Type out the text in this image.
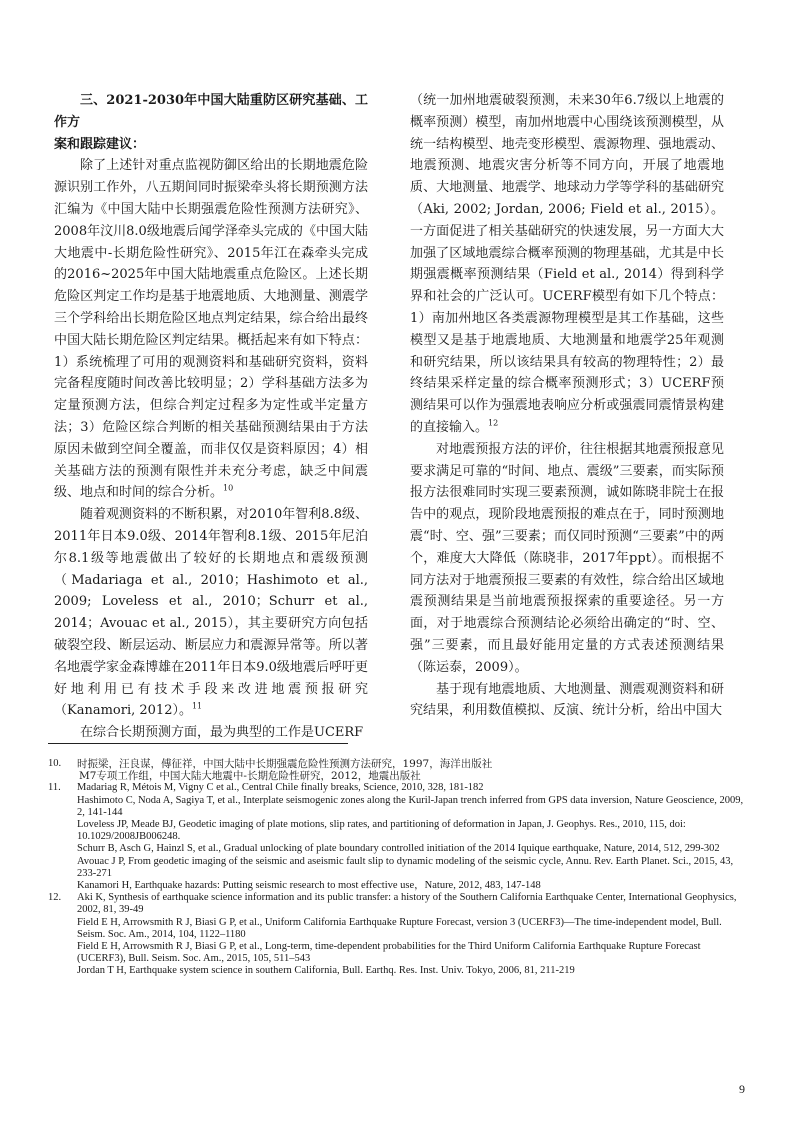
三、2021-2030年中国大陆重防区研究基础、工作方
案和跟踪建议：

除了上述针对重点监视防御区给出的长期地震危险源识别工作外，八五期间同时振梁牵头将长期预测方法汇编为《中国大陆中长期强震危险性预测方法研究》、2008年汶川8.0级地震后闻学泽牵头完成的《中国大陆大地震中-长期危险性研究》、2015年江在森牵头完成的2016~2025年中国大陆地震重点危险区。上述长期危险区判定工作均是基于地震地质、大地测量、测震学三个学科给出长期危险区地点判定结果，综合给出最终中国大陆长期危险区判定结果。概括起来有如下特点：1）系统梳理了可用的观测资料和基础研究资料，资料完备程度随时间改善比较明显；2）学科基础方法多为定量预测方法，但综合判定过程多为定性或半定量方法；3）危险区综合判断的相关基础预测结果由于方法原因未做到空间全覆盖，而非仅仅是资料原因；4）相关基础方法的预测有限性并未充分考虑，缺乏中间震级、地点和时间的综合分析。$^{10}$

随着观测资料的不断积累，对2010年智利8.8级、2011年日本9.0级、2014年智利8.1级、2015年尼泊尔8.1级等地震做出了较好的长期地点和震级预测（Madariaga et al., 2010；Hashimoto et al., 2009; Loveless et al., 2010；Schurr et al., 2014；Avouac et al., 2015），其主要研究方向包括破裂空段、断层运动、断层应力和震源异常等。所以著名地震学家金森博雄在2011年日本9.0级地震后呼吁更好地利用已有技术手段来改进地震预报研究（Kanamori, 2012）。$^{11}$

在综合长期预测方面，最为典型的工作是UCERF

（统一加州地震破裂预测，未来30年6.7级以上地震的概率预测）模型，南加州地震中心围绕该预测模型，从统一结构模型、地壳变形模型、震源物理、强地震动、地震预测、地震灾害分析等不同方向，开展了地震地质、大地测量、地震学、地球动力学等学科的基础研究（Aki, 2002; Jordan, 2006; Field et al., 2015）。一方面促进了相关基础研究的快速发展，另一方面大大加强了区域地震综合概率预测的物理基础，尤其是中长期强震概率预测结果（Field et al., 2014）得到科学界和社会的广泛认可。UCERF模型有如下几个特点：1）南加州地区各类震源物理模型是其工作基础，这些模型又是基于地震地质、大地测量和地震学25年观测和研究结果，所以该结果具有较高的物理特性；2）最终结果采样定量的综合概率预测形式；3）UCERF预测结果可以作为强震地表响应分析或强震同震情景构建的直接输入。$^{12}$

对地震预报方法的评价，往往根据其地震预报意见要求满足可靠的“时间、地点、震级”三要素，而实际预报方法很难同时实现三要素预测，诚如陈晓非院士在报告中的观点，现阶段地震预报的难点在于，同时预测地震“时、空、强”三要素；而仅同时预测“三要素”中的两个，难度大大降低（陈晓非，2017年ppt）。而根据不同方法对于地震预报三要素的有效性，综合给出区域地震预测结果是当前地震预报探索的重要途径。另一方面，对于地震综合预测结论必须给出确定的“时、空、强”三要素，而且最好能用定量的方式表述预测结果（陈运泰，2009）。

基于现有地震地质、大地测量、测震观测资料和研究结果，利用数值模拟、反演、统计分析，给出中国大

10. 时振梁，汪良谋，傅征祥，中国大陆中长期强震危险性预测方法研究，1997，海洋出版社
M7专项工作组，中国大陆大地震中-长期危险性研究，2012，地震出版社
11. Madariag R, Métois M, Vigny C et al., Central Chile finally breaks, Science, 2010, 328, 181-182
Hashimoto C, Noda A, Sagiya T, et al., Interplate seismogenic zones along the Kuril-Japan trench inferred from GPS data inversion, Nature Geoscience, 2009, 2, 141-144
Loveless JP, Meade BJ, Geodetic imaging of plate motions, slip rates, and partitioning of deformation in Japan, J. Geophys. Res., 2010, 115, doi: 10.1029/2008JB006248.
Schurr B, Asch G, Hainzl S, et al., Gradual unlocking of plate boundary controlled initiation of the 2014 Iquique earthquake, Nature, 2014, 512, 299-302
Avouac J P, From geodetic imaging of the seismic and aseismic fault slip to dynamic modeling of the seismic cycle, Annu. Rev. Earth Planet. Sci., 2015, 43, 233-271
Kanamori H, Earthquake hazards: Putting seismic research to most effective use，Nature, 2012, 483, 147-148
12. Aki K, Synthesis of earthquake science information and its public transfer: a history of the Southern California Earthquake Center, International Geophysics, 2002, 81, 39-49
Field E H, Arrowsmith R J, Biasi G P, et al., Uniform California Earthquake Rupture Forecast, version 3 (UCERF3)—The time-independent model, Bull. Seism. Soc. Am., 2014, 104, 1122–1180
Field E H, Arrowsmith R J, Biasi G P, et al., Long-term, time-dependent probabilities for the Third Uniform California Earthquake Rupture Forecast (UCERF3), Bull. Seism. Soc. Am., 2015, 105, 511–543
Jordan T H, Earthquake system science in southern California, Bull. Earthq. Res. Inst. Univ. Tokyo, 2006, 81, 211-219
9
